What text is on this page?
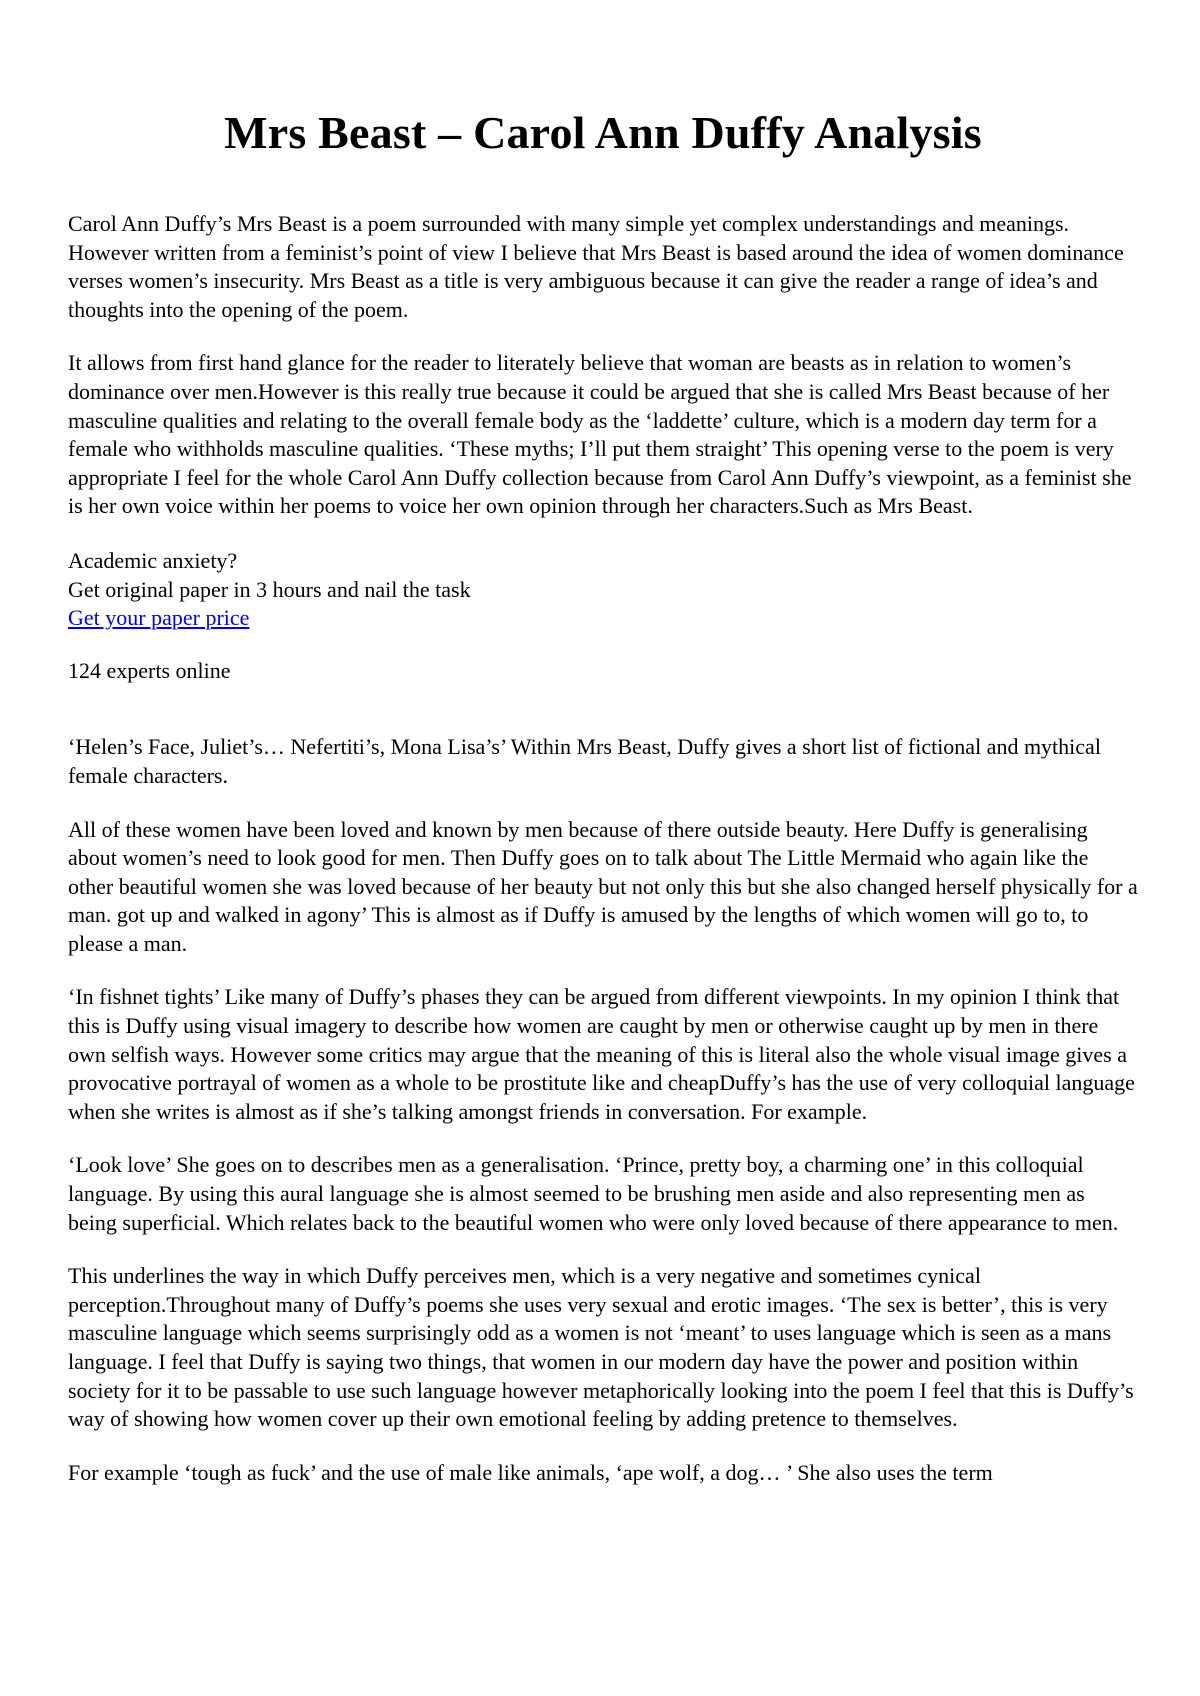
Mrs Beast – Carol Ann Duffy Analysis

Carol Ann Duffy’s Mrs Beast is a poem surrounded with many simple yet complex understandings and meanings. However written from a feminist’s point of view I believe that Mrs Beast is based around the idea of women dominance verses women’s insecurity. Mrs Beast as a title is very ambiguous because it can give the reader a range of idea’s and thoughts into the opening of the poem.

It allows from first hand glance for the reader to literately believe that woman are beasts as in relation to women’s dominance over men.However is this really true because it could be argued that she is called Mrs Beast because of her masculine qualities and relating to the overall female body as the ‘laddette’ culture, which is a modern day term for a female who withholds masculine qualities. ‘These myths; I’ll put them straight’ This opening verse to the poem is very appropriate I feel for the whole Carol Ann Duffy collection because from Carol Ann Duffy’s viewpoint, as a feminist she is her own voice within her poems to voice her own opinion through her characters.Such as Mrs Beast.

Academic anxiety?
Get original paper in 3 hours and nail the task
Get your paper price

124 experts online

‘Helen’s Face, Juliet’s… Nefertiti’s, Mona Lisa’s’ Within Mrs Beast, Duffy gives a short list of fictional and mythical female characters.

All of these women have been loved and known by men because of there outside beauty. Here Duffy is generalising about women’s need to look good for men. Then Duffy goes on to talk about The Little Mermaid who again like the other beautiful women she was loved because of her beauty but not only this but she also changed herself physically for a man. got up and walked in agony’ This is almost as if Duffy is amused by the lengths of which women will go to, to please a man.

‘In fishnet tights’ Like many of Duffy’s phases they can be argued from different viewpoints. In my opinion I think that this is Duffy using visual imagery to describe how women are caught by men or otherwise caught up by men in there own selfish ways. However some critics may argue that the meaning of this is literal also the whole visual image gives a provocative portrayal of women as a whole to be prostitute like and cheapDuffy’s has the use of very colloquial language when she writes is almost as if she’s talking amongst friends in conversation. For example.

‘Look love’ She goes on to describes men as a generalisation. ‘Prince, pretty boy, a charming one’ in this colloquial language. By using this aural language she is almost seemed to be brushing men aside and also representing men as being superficial. Which relates back to the beautiful women who were only loved because of there appearance to men.

This underlines the way in which Duffy perceives men, which is a very negative and sometimes cynical perception.Throughout many of Duffy’s poems she uses very sexual and erotic images. ‘The sex is better’, this is very masculine language which seems surprisingly odd as a women is not ‘meant’ to uses language which is seen as a mans language. I feel that Duffy is saying two things, that women in our modern day have the power and position within society for it to be passable to use such language however metaphorically looking into the poem I feel that this is Duffy’s way of showing how women cover up their own emotional feeling by adding pretence to themselves.

For example ‘tough as fuck’ and the use of male like animals, ‘ape wolf, a dog… ’ She also uses the term
